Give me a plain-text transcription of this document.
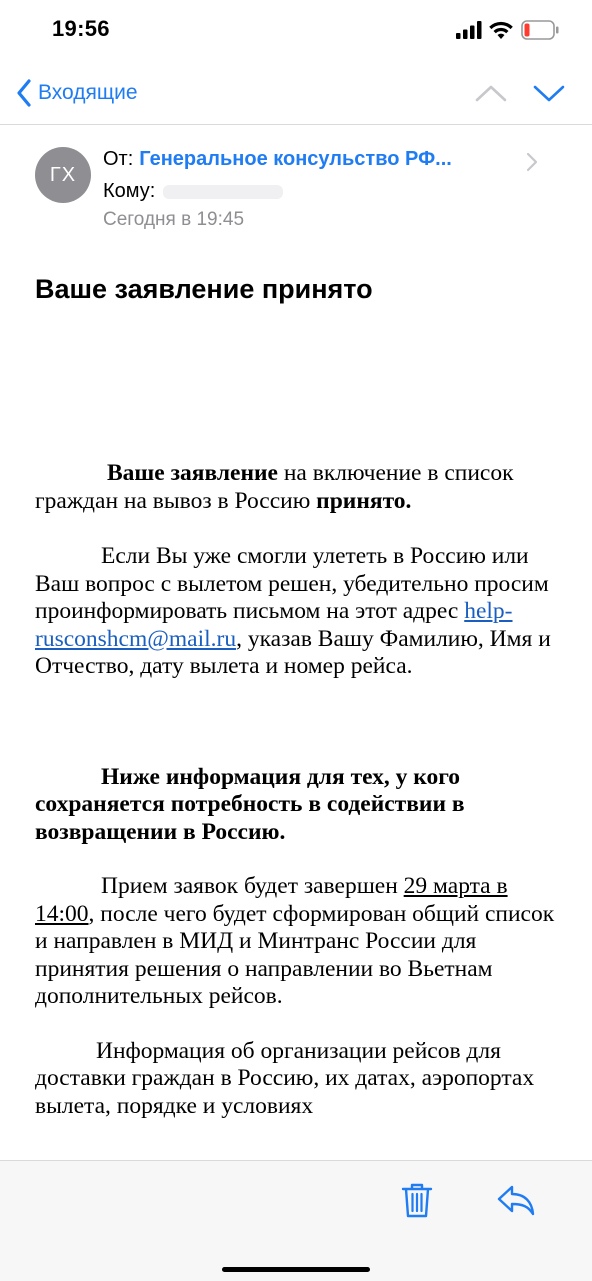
19:56
Входящие
ГХ
От: Генеральное консульство РФ...
Кому:
Сегодня в 19:45
Ваше заявление принято

Ваше заявление на включение в список граждан на вывоз в Россию принято.

Если Вы уже смогли улететь в Россию или Ваш вопрос с вылетом решен, убедительно просим проинформировать письмом на этот адрес help-rusconshcm@mail.ru, указав Вашу Фамилию, Имя и Отчество, дату вылета и номер рейса.

Ниже информация для тех, у кого сохраняется потребность в содействии в возвращении в Россию.

Прием заявок будет завершен 29 марта в 14:00, после чего будет сформирован общий список и направлен в МИД и Минтранс России для принятия решения о направлении во Вьетнам дополнительных рейсов.

Информация об организации рейсов для доставки граждан в Россию, их датах, аэропортах вылета, порядке и условиях
